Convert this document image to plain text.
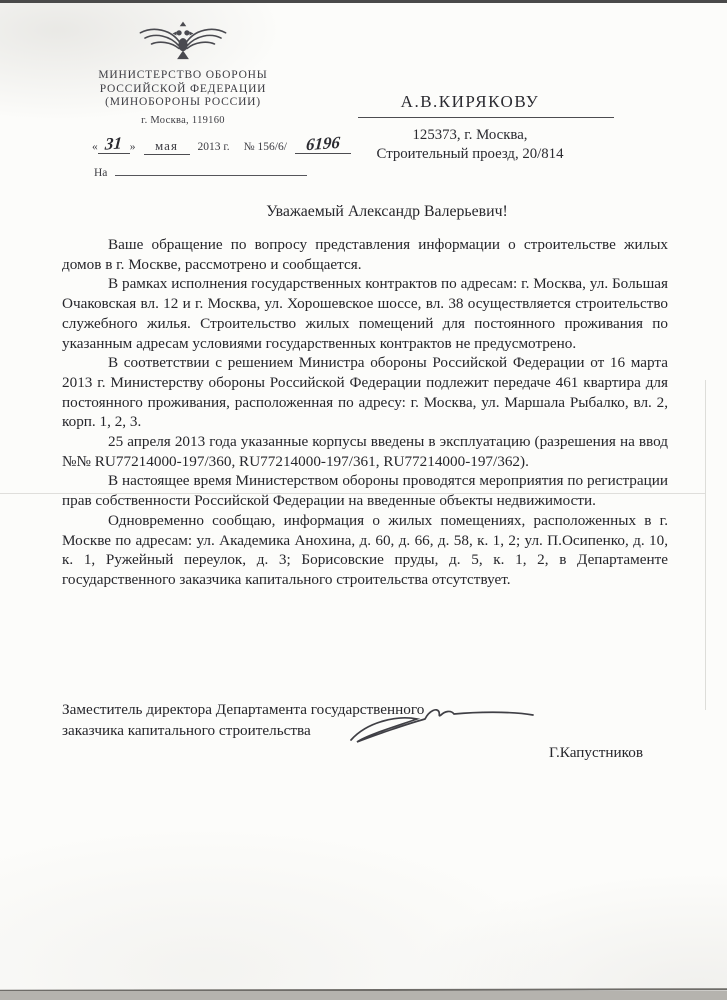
МИНИСТЕРСТВО ОБОРОНЫ
РОССИЙСКОЙ ФЕДЕРАЦИИ
(МИНОБОРОНЫ РОССИИ)
г. Москва, 119160
« 31 » мая 2013 г. № 156/6/ 6196
На
А.В.КИРЯКОВУ
125373, г. Москва,
Строительный проезд, 20/814
Уважаемый Александр Валерьевич!

Ваше обращение по вопросу представления информации о строительстве жилых домов в г. Москве, рассмотрено и сообщается.

В рамках исполнения государственных контрактов по адресам: г. Москва, ул. Большая Очаковская вл. 12 и г. Москва, ул. Хорошевское шоссе, вл. 38 осуществляется строительство служебного жилья. Строительство жилых помещений для постоянного проживания по указанным адресам условиями государственных контрактов не предусмотрено.

В соответствии с решением Министра обороны Российской Федерации от 16 марта 2013 г. Министерству обороны Российской Федерации подлежит передаче 461 квартира для постоянного проживания, расположенная по адресу: г. Москва, ул. Маршала Рыбалко, вл. 2, корп. 1, 2, 3.

25 апреля 2013 года указанные корпусы введены в эксплуатацию (разрешения на ввод №№ RU77214000-197/360, RU77214000-197/361, RU77214000-197/362).

В настоящее время Министерством обороны проводятся мероприятия по регистрации прав собственности Российской Федерации на введенные объекты недвижимости.

Одновременно сообщаю, информация о жилых помещениях, расположенных в г. Москве по адресам: ул. Академика Анохина, д. 60, д. 66, д. 58, к. 1, 2; ул. П.Осипенко, д. 10, к. 1, Ружейный переулок, д. 3; Борисовские пруды, д. 5, к. 1, 2, в Департаменте государственного заказчика капитального строительства отсутствует.

Заместитель директора Департамента государственного
заказчика капитального строительства
Г.Капустников
